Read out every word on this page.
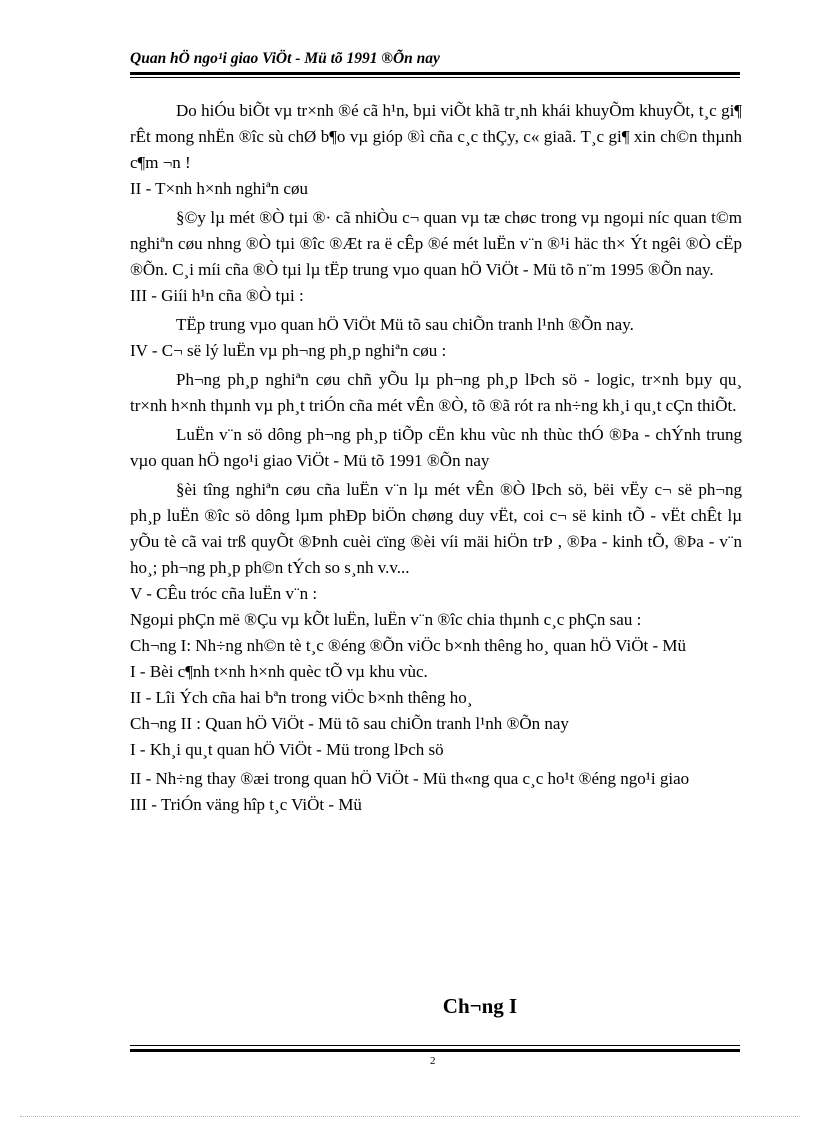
Quan hÖ ngo¹i giao ViÖt - Mü tõ 1991 ®Õn nay

Do hiÓu biÕt vµ tr×nh ®é cã h¹n, bµi viÕt khã tr¸nh khái khuyÕm khuyÕt, t¸c gi¶ rÊt mong nhËn ®îc sù chØ b¶o vµ gióp ®ì cña c¸c thÇy, c« giaã. T¸c gi¶ xin ch©n thµnh c¶m ¬n !

II - T×nh h×nh nghiªn cøu

§©y lµ mét ®Ò tµi ®· cã nhiÒu c¬ quan vµ tæ chøc trong vµ ngoµi níc quan t©m nghiªn cøu nhng ®Ò tµi ®îc ®Æt ra ë cÊp ®é mét luËn v¨n ®¹i häc th× Ýt ngêi ®Ò cËp ®Õn. C¸i míi cña ®Ò tµi lµ tËp trung vµo quan hÖ ViÖt - Mü tõ n¨m 1995 ®Õn nay.

III - Giíi h¹n cña ®Ò tµi :

TËp trung vµo quan hÖ ViÖt Mü tõ sau chiÕn tranh l¹nh ®Õn nay.

IV - C¬ së lý luËn vµ ph¬ng ph¸p nghiªn cøu :

Ph¬ng ph¸p nghiªn cøu chñ yÕu lµ ph¬ng ph¸p lÞch sö - logic, tr×nh bµy qu¸ tr×nh h×nh thµnh vµ ph¸t triÓn cña mét vÊn ®Ò, tõ ®ã rót ra nh÷ng kh¸i qu¸t cÇn thiÕt.

LuËn v¨n sö dông ph¬ng ph¸p tiÕp cËn khu vùc nh thùc thÓ ®Þa - chÝnh trung vµo quan hÖ ngo¹i giao ViÖt - Mü tõ 1991 ®Õn nay

§èi tîng nghiªn cøu cña luËn v¨n lµ mét vÊn ®Ò lÞch sö, bëi vËy c¬ së ph¬ng ph¸p luËn ®îc sö dông lµm phÐp biÖn chøng duy vËt, coi c¬ së kinh tÕ - vËt chÊt lµ yÕu tè cã vai trß quyÕt ®Þnh cuèi cïng ®èi víi mäi hiÖn trÞ , ®Þa - kinh tÕ, ®Þa - v¨n ho¸; ph¬ng ph¸p ph©n tÝch so s¸nh v.v...

V - CÊu tróc cña luËn v¨n :

Ngoµi phÇn më ®Çu vµ kÕt luËn, luËn v¨n ®îc chia thµnh c¸c phÇn sau :

Ch¬ng I: Nh÷ng nh©n tè t¸c ®éng ®Õn viÖc b×nh thêng ho¸ quan hÖ ViÖt - Mü

I - Bèi c¶nh t×nh h×nh quèc tÕ vµ khu vùc.

II - Lîi Ých cña hai bªn trong viÖc b×nh thêng ho¸

Ch¬ng II : Quan hÖ ViÖt - Mü tõ sau chiÕn tranh l¹nh ®Õn nay

I - Kh¸i qu¸t quan hÖ ViÖt - Mü trong lÞch sö

II - Nh÷ng thay ®æi trong quan hÖ ViÖt - Mü th«ng qua c¸c ho¹t ®éng ngo¹i giao

III - TriÓn väng hîp t¸c ViÖt - Mü

Ch¬ng I
2
